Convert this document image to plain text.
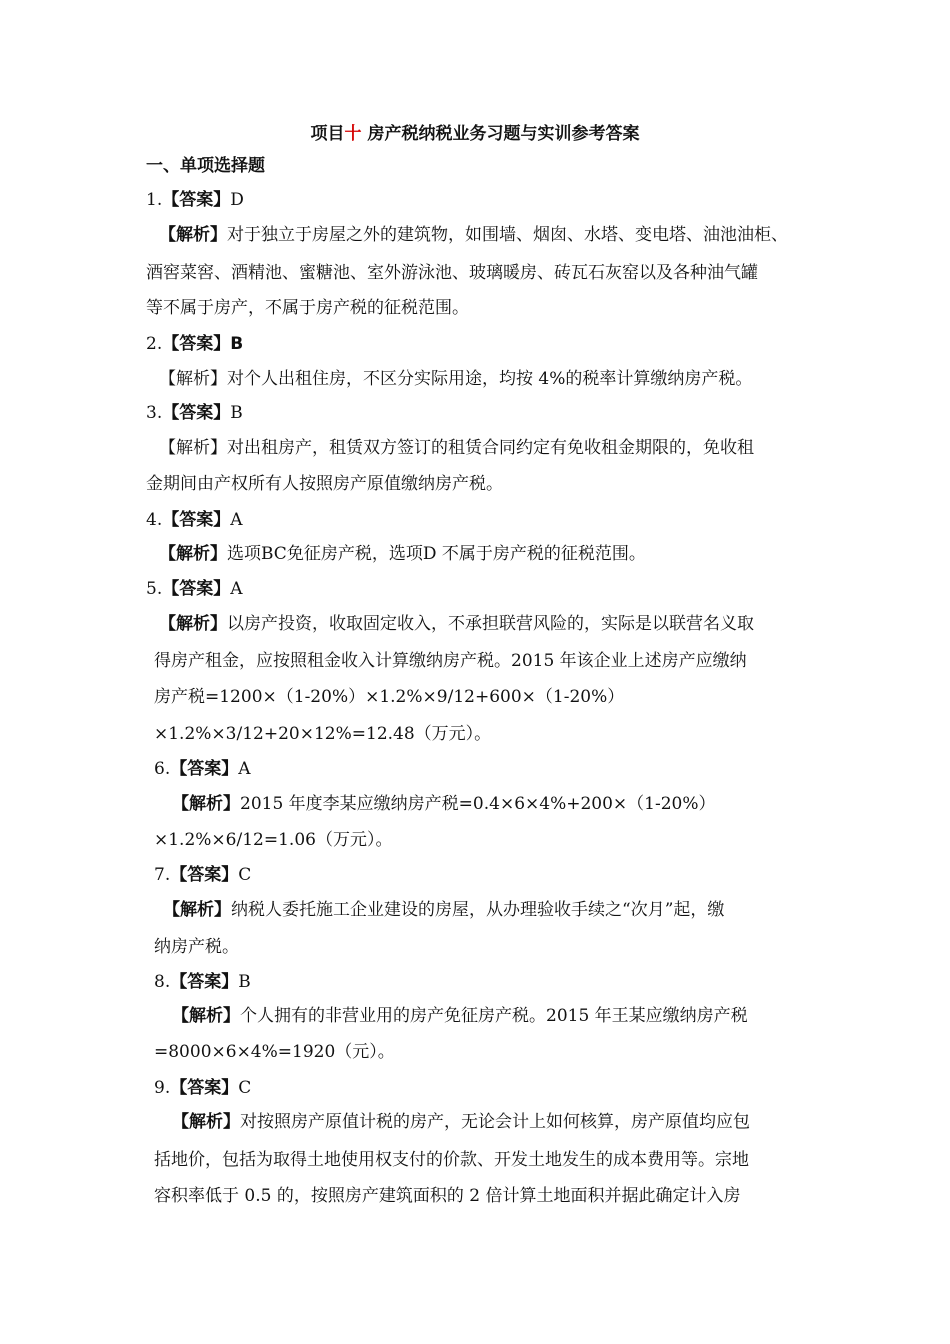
项目十 房产税纳税业务习题与实训参考答案
一、单项选择题
1.【答案】D
【解析】对于独立于房屋之外的建筑物，如围墙、烟囱、水塔、变电塔、油池油柜、
酒窖菜窖、酒精池、蜜糖池、室外游泳池、玻璃暖房、砖瓦石灰窑以及各种油气罐
等不属于房产，不属于房产税的征税范围。
2.【答案】B
【解析】对个人出租住房，不区分实际用途，均按 4%的税率计算缴纳房产税。
3.【答案】B
【解析】对出租房产，租赁双方签订的租赁合同约定有免收租金期限的，免收租
金期间由产权所有人按照房产原值缴纳房产税。
4.【答案】A
【解析】选项BC免征房产税，选项D 不属于房产税的征税范围。
5.【答案】A
【解析】以房产投资，收取固定收入，不承担联营风险的，实际是以联营名义取
得房产租金，应按照租金收入计算缴纳房产税。2015 年该企业上述房产应缴纳
房产税=1200×（1-20%）×1.2%×9/12+600×（1-20%）
×1.2%×3/12+20×12%=12.48（万元）。
6.【答案】A
【解析】2015 年度李某应缴纳房产税=0.4×6×4%+200×（1-20%）
×1.2%×6/12=1.06（万元）。
7.【答案】C
【解析】纳税人委托施工企业建设的房屋，从办理验收手续之“次月”起，缴
纳房产税。
8.【答案】B
【解析】个人拥有的非营业用的房产免征房产税。2015 年王某应缴纳房产税
=8000×6×4%=1920（元）。
9.【答案】C
【解析】对按照房产原值计税的房产，无论会计上如何核算，房产原值均应包
括地价，包括为取得土地使用权支付的价款、开发土地发生的成本费用等。宗地
容积率低于 0.5 的，按照房产建筑面积的 2 倍计算土地面积并据此确定计入房
